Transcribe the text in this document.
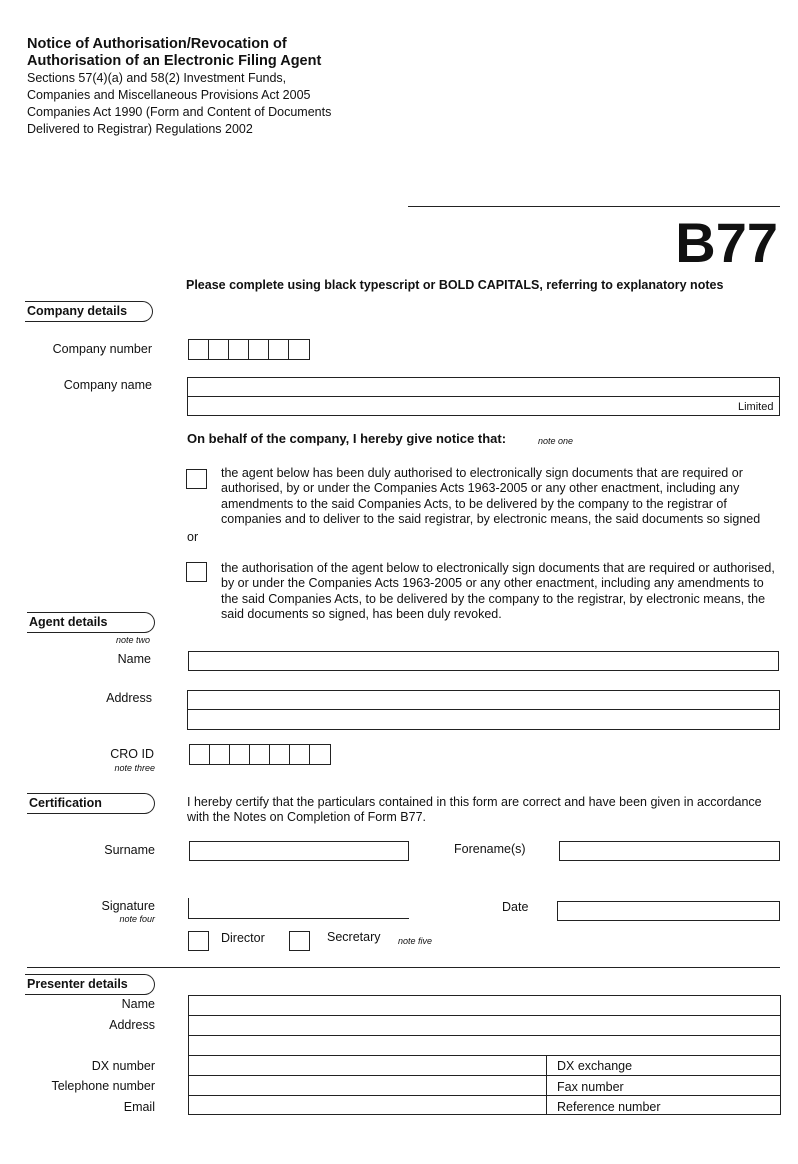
Notice of Authorisation/Revocation of
Authorisation of an Electronic Filing Agent
Sections 57(4)(a) and 58(2) Investment Funds,
Companies and Miscellaneous Provisions Act 2005
Companies Act 1990 (Form and Content of Documents
Delivered to Registrar) Regulations 2002
B77
Please complete using black typescript or BOLD CAPITALS, referring to explanatory notes
Company details
Company number
Company name
Limited
On behalf of the company, I hereby give notice that:	note one
the agent below has been duly authorised to electronically sign documents that are required or authorised, by or under the Companies Acts 1963-2005 or any other enactment, including any amendments to the said Companies Acts, to be delivered by the company to the registrar of companies and to deliver to the said registrar, by electronic means, the said documents so signed
or
the authorisation of the agent below to electronically sign documents that are required or authorised, by or under the Companies Acts 1963-2005 or any other enactment, including any amendments to the said Companies Acts, to be delivered by the company to the registrar, by electronic means, the said documents so signed, has been duly revoked.
Agent details
note two
Name
Address
CRO ID
note three
Certification	I hereby certify that the particulars contained in this form are correct and have been given in accordance with the Notes on Completion of Form B77.
Surname	Forename(s)
Signature
note four
Date
Director	Secretary note five
Presenter details
Name
Address
DX number	DX exchange
Telephone number	Fax number
Email	Reference number
